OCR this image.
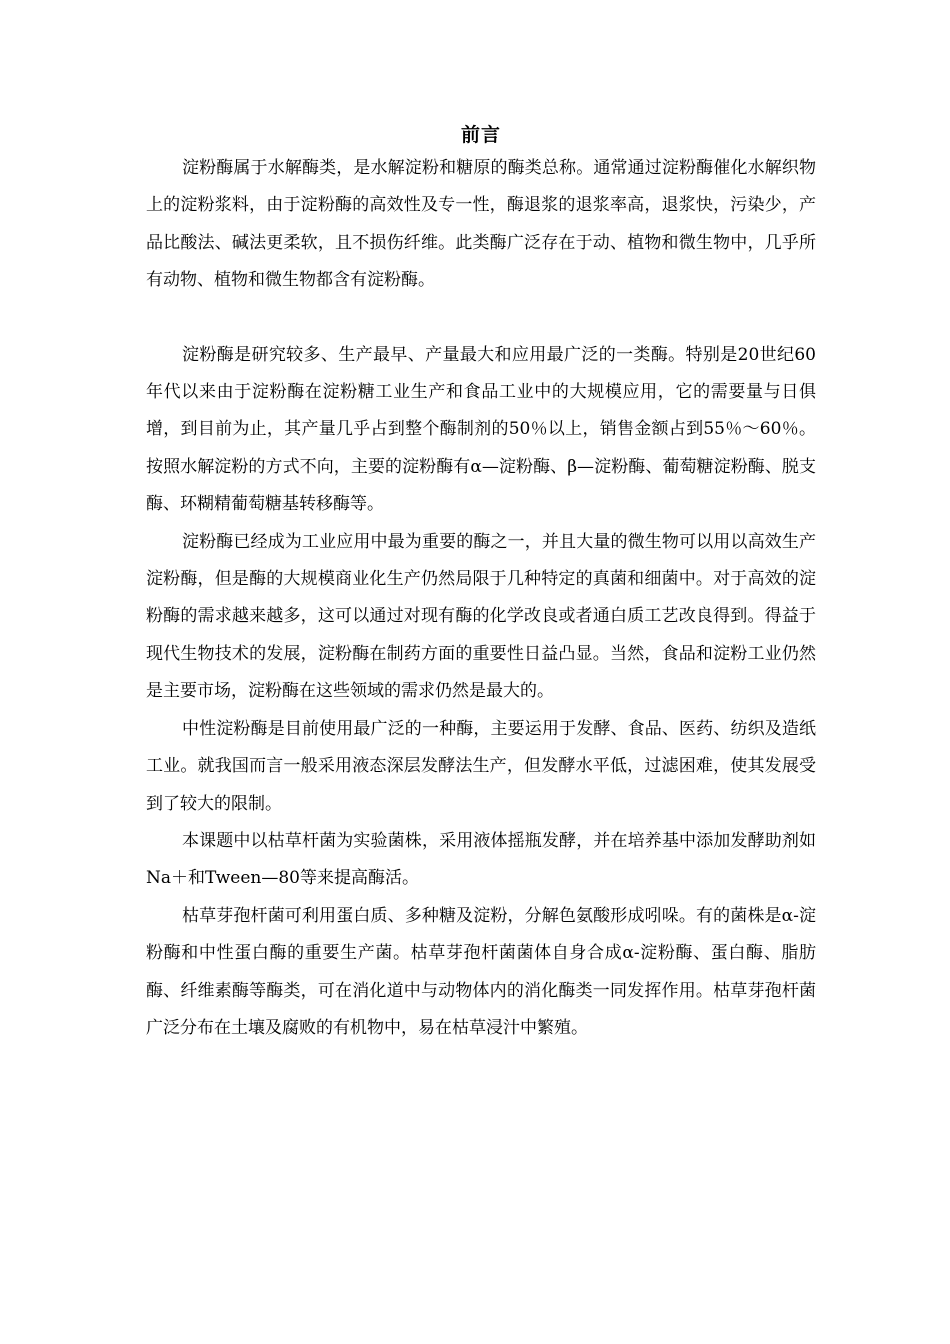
前言

淀粉酶属于水解酶类，是水解淀粉和糖原的酶类总称。通常通过淀粉酶催化水解织物上的淀粉浆料，由于淀粉酶的高效性及专一性，酶退浆的退浆率高，退浆快，污染少，产品比酸法、碱法更柔软，且不损伤纤维。此类酶广泛存在于动、植物和微生物中，几乎所有动物、植物和微生物都含有淀粉酶。

淀粉酶是研究较多、生产最早、产量最大和应用最广泛的一类酶。特别是20世纪60年代以来由于淀粉酶在淀粉糖工业生产和食品工业中的大规模应用，它的需要量与日俱增，到目前为止，其产量几乎占到整个酶制剂的50％以上，销售金额占到55％～60％。按照水解淀粉的方式不向，主要的淀粉酶有α—淀粉酶、β—淀粉酶、葡萄糖淀粉酶、脱支酶、环糊精葡萄糖基转移酶等。

淀粉酶已经成为工业应用中最为重要的酶之一，并且大量的微生物可以用以高效生产淀粉酶，但是酶的大规模商业化生产仍然局限于几种特定的真菌和细菌中。对于高效的淀粉酶的需求越来越多，这可以通过对现有酶的化学改良或者通白质工艺改良得到。得益于现代生物技术的发展，淀粉酶在制药方面的重要性日益凸显。当然，食品和淀粉工业仍然是主要市场，淀粉酶在这些领域的需求仍然是最大的。

中性淀粉酶是目前使用最广泛的一种酶，主要运用于发酵、食品、医药、纺织及造纸工业。就我国而言一般采用液态深层发酵法生产，但发酵水平低，过滤困难，使其发展受到了较大的限制。

本课题中以枯草杆菌为实验菌株，采用液体摇瓶发酵，并在培养基中添加发酵助剂如Na＋和Tween—80等来提高酶活。

枯草芽孢杆菌可利用蛋白质、多种糖及淀粉，分解色氨酸形成吲哚。有的菌株是α-淀粉酶和中性蛋白酶的重要生产菌。枯草芽孢杆菌菌体自身合成α-淀粉酶、蛋白酶、脂肪酶、纤维素酶等酶类，可在消化道中与动物体内的消化酶类一同发挥作用。枯草芽孢杆菌广泛分布在土壤及腐败的有机物中，易在枯草浸汁中繁殖。
